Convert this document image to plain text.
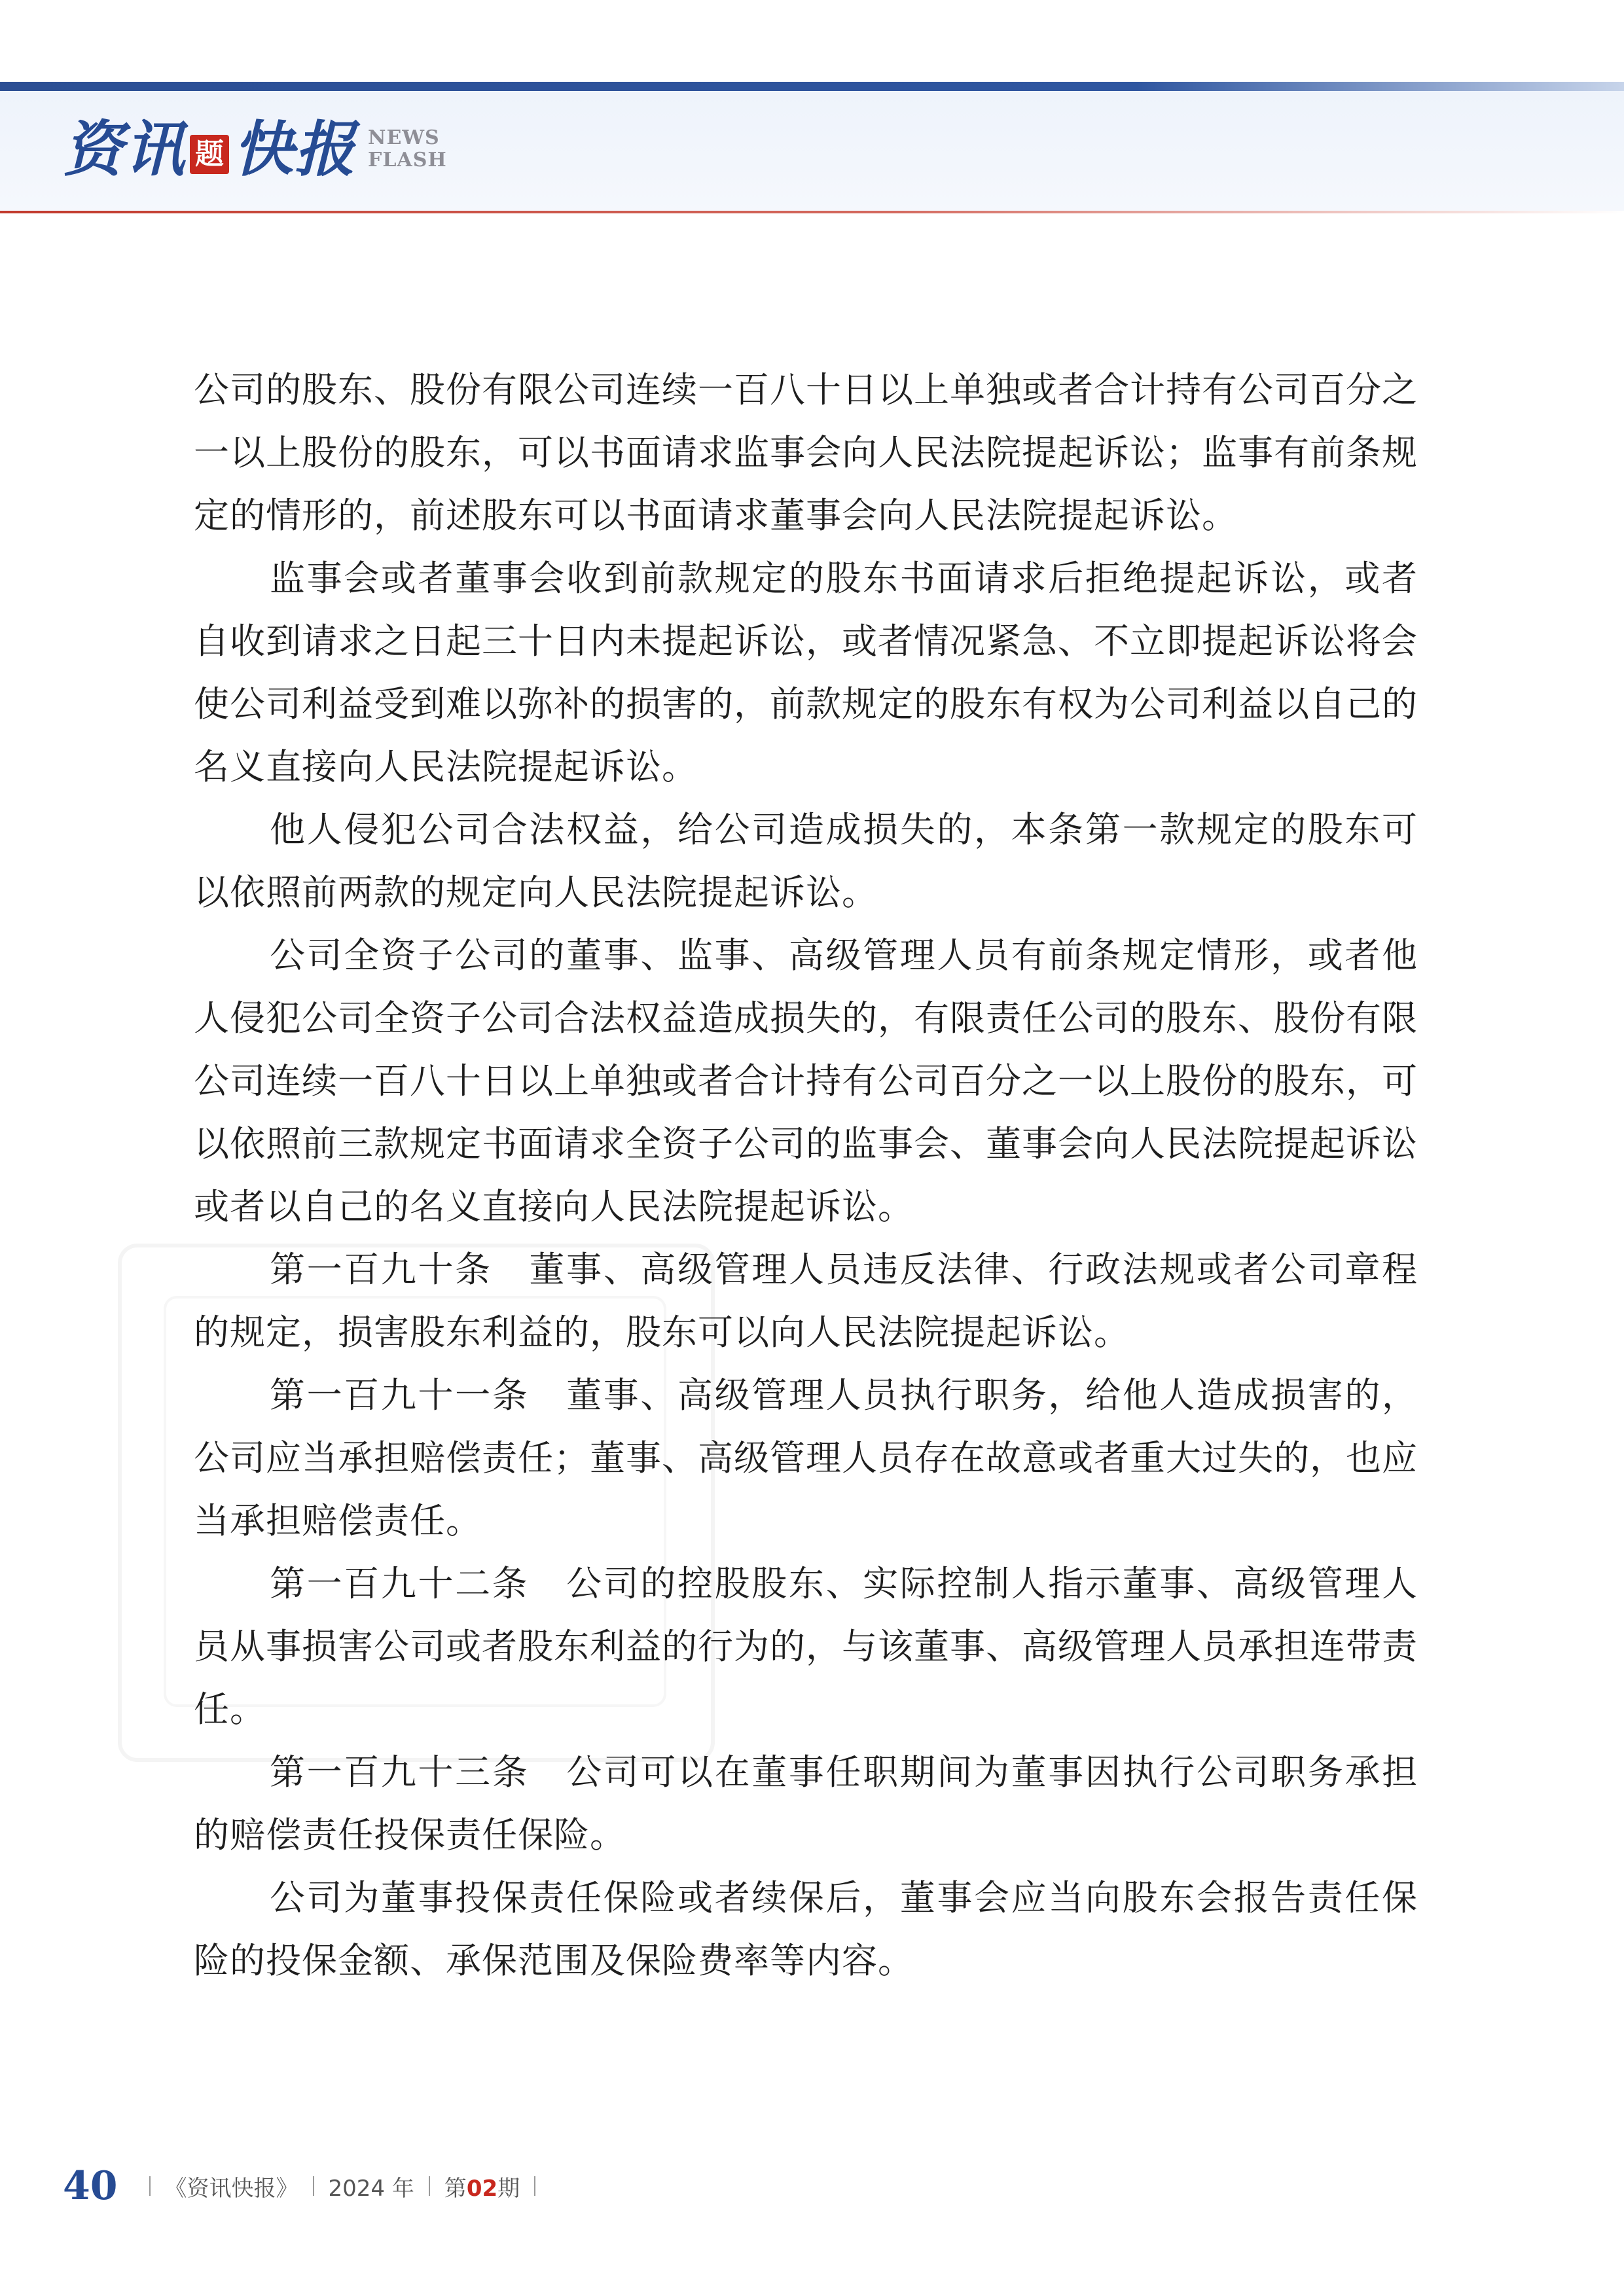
资讯 题 快报 NEWS
FLASH

公司的股东、股份有限公司连续一百八十日以上单独或者合计持有公司百分之一以上股份的股东，可以书面请求监事会向人民法院提起诉讼；监事有前条规定的情形的，前述股东可以书面请求董事会向人民法院提起诉讼。

监事会或者董事会收到前款规定的股东书面请求后拒绝提起诉讼，或者自收到请求之日起三十日内未提起诉讼，或者情况紧急、不立即提起诉讼将会使公司利益受到难以弥补的损害的，前款规定的股东有权为公司利益以自己的名义直接向人民法院提起诉讼。

他人侵犯公司合法权益，给公司造成损失的，本条第一款规定的股东可以依照前两款的规定向人民法院提起诉讼。

公司全资子公司的董事、监事、高级管理人员有前条规定情形，或者他人侵犯公司全资子公司合法权益造成损失的，有限责任公司的股东、股份有限公司连续一百八十日以上单独或者合计持有公司百分之一以上股份的股东，可以依照前三款规定书面请求全资子公司的监事会、董事会向人民法院提起诉讼或者以自己的名义直接向人民法院提起诉讼。

第一百九十条　董事、高级管理人员违反法律、行政法规或者公司章程的规定，损害股东利益的，股东可以向人民法院提起诉讼。

第一百九十一条　董事、高级管理人员执行职务，给他人造成损害的，公司应当承担赔偿责任；董事、高级管理人员存在故意或者重大过失的，也应当承担赔偿责任。

第一百九十二条　公司的控股股东、实际控制人指示董事、高级管理人员从事损害公司或者股东利益的行为的，与该董事、高级管理人员承担连带责任。

第一百九十三条　公司可以在董事任职期间为董事因执行公司职务承担的赔偿责任投保责任保险。

公司为董事投保责任保险或者续保后，董事会应当向股东会报告责任保险的投保金额、承保范围及保险费率等内容。

40 《资讯快报》 2024 年 第02期
